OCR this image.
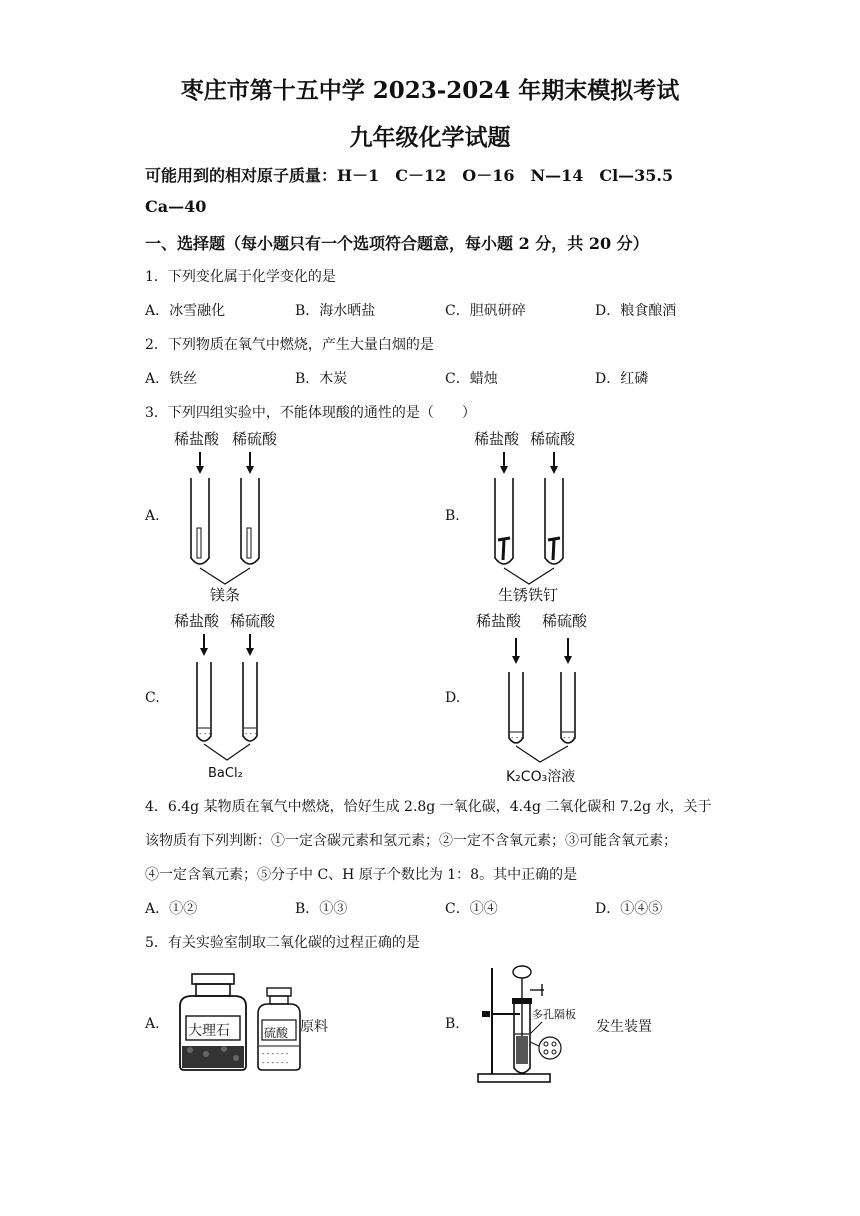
枣庄市第十五中学 2023-2024 年期末模拟考试
九年级化学试题
可能用到的相对原子质量：H－1　C－12　O－16　N—14　Cl—35.5
Ca—40
一、选择题（每小题只有一个选项符合题意，每小题 2 分，共 20 分）
1．下列变化属于化学变化的是
A．冰雪融化	B．海水晒盐	C．胆矾研碎	D．粮食酿酒
2．下列物质在氧气中燃烧，产生大量白烟的是
A．铁丝	B．木炭	C．蜡烛	D．红磷
3．下列四组实验中，不能体现酸的通性的是（　　）
A.
稀盐酸 稀硫酸
镁条
B.
稀盐酸 稀硫酸
生锈铁钉
C.
稀盐酸 稀硫酸
- - -	- - -
BaCl₂
D.
稀盐酸 稀硫酸
- - -	- - -
K₂CO₃溶液
4．6.4g 某物质在氧气中燃烧，恰好生成 2.8g 一氧化碳，4.4g 二氧化碳和 7.2g 水，关于
该物质有下列判断：①一定含碳元素和氢元素；②一定不含氧元素；③可能含氧元素；
④一定含氧元素；⑤分子中 C、H 原子个数比为 1：8。其中正确的是
A．①②	B．①③	C．①④	D．①④⑤
5．有关实验室制取二氧化碳的过程正确的是
A.
- - - - - -
- - - - - -
大理石	硫酸 原料	B.
多孔隔板
发生装置
